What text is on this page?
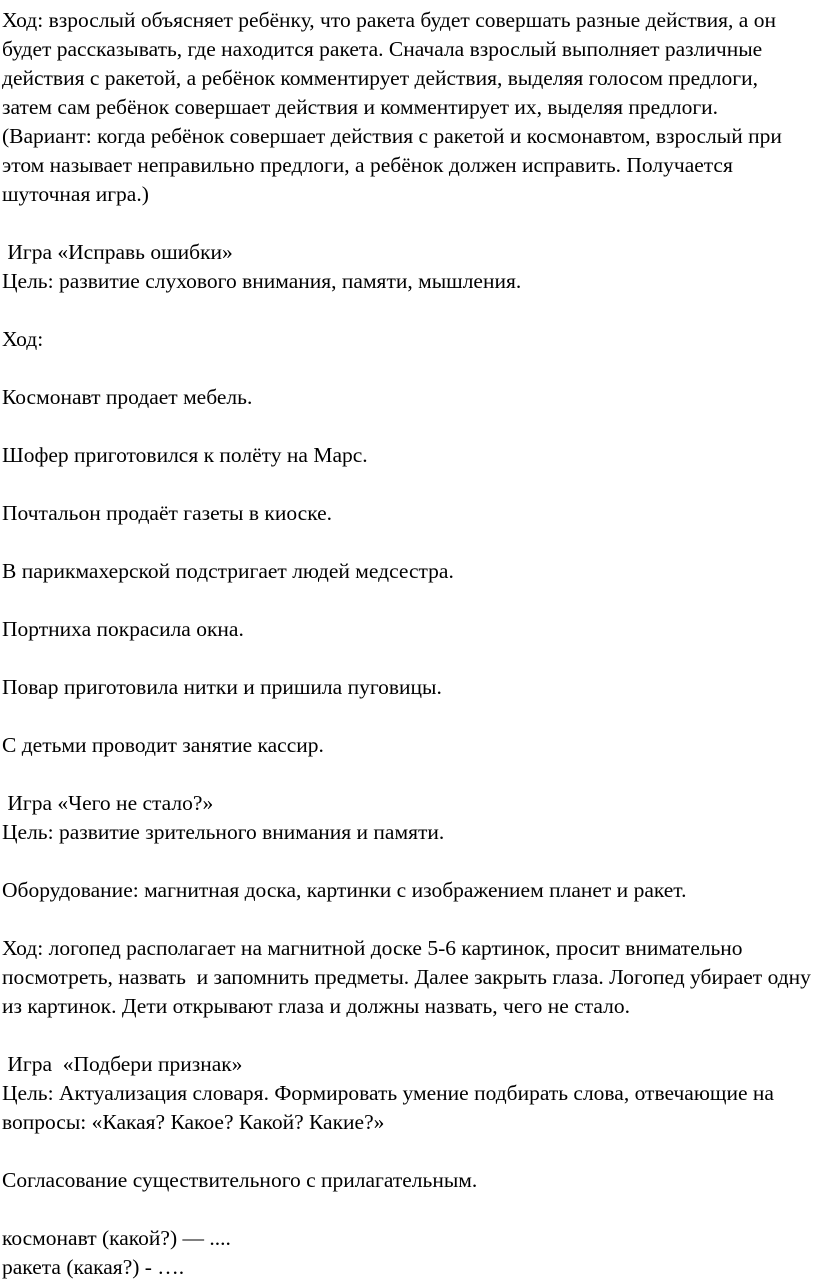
Ход: взрослый объясняет ребёнку, что ракета будет совершать разные действия, а он будет рассказывать, где находится ракета. Сначала взрослый выполняет различные действия с ракетой, а ребёнок комментирует действия, выделяя голосом предлоги, затем сам ребёнок совершает действия и комментирует их, выделяя предлоги. (Вариант: когда ребёнок совершает действия с ракетой и космонавтом, взрослый при этом называет неправильно предлоги, а ребёнок должен исправить. Получается шуточная игра.)

Игра «Исправь ошибки»

Цель: развитие слухового внимания, памяти, мышления.

Ход:

Космонавт продает мебель.

Шофер приготовился к полёту на Марс.

Почтальон продаёт газеты в киоске.

В парикмахерской подстригает людей медсестра.

Портниха покрасила окна.

Повар приготовила нитки и пришила пуговицы.

С детьми проводит занятие кассир.

Игра «Чего не стало?»

Цель: развитие зрительного внимания и памяти.

Оборудование: магнитная доска, картинки с изображением планет и ракет.

Ход: логопед располагает на магнитной доске 5-6 картинок, просит внимательно посмотреть, назвать  и запомнить предметы. Далее закрыть глаза. Логопед убирает одну из картинок. Дети открывают глаза и должны назвать, чего не стало.

Игра  «Подбери признак»

Цель: Актуализация словаря. Формировать умение подбирать слова, отвечающие на вопросы: «Какая? Какое? Какой? Какие?»

Согласование существительного с прилагательным.

космонавт (какой?) — ....

ракета (какая?) - ….
